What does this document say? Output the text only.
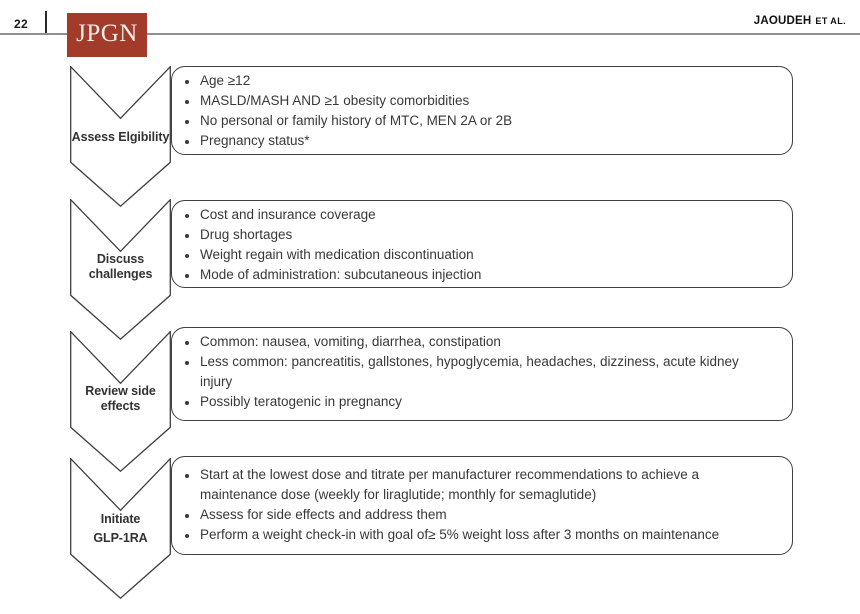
22 JPGN	JAOUDEH ET AL.
Assess Elgibility
• Age ≥12
• MASLD/MASH AND ≥1 obesity comorbidities
• No personal or family history of MTC, MEN 2A or 2B
• Pregnancy status*
Discuss
challenges
• Cost and insurance coverage
• Drug shortages
• Weight regain with medication discontinuation
• Mode of administration: subcutaneous injection
Review side
effects
• Common: nausea, vomiting, diarrhea, constipation
• Less common: pancreatitis, gallstones, hypoglycemia, headaches, dizziness, acute kidney injury
• Possibly teratogenic in pregnancy
Initiate
GLP-1RA
• Start at the lowest dose and titrate per manufacturer recommendations to achieve a maintenance dose (weekly for liraglutide; monthly for semaglutide)
• Assess for side effects and address them
• Perform a weight check-in with goal of≥ 5% weight loss after 3 months on maintenance
